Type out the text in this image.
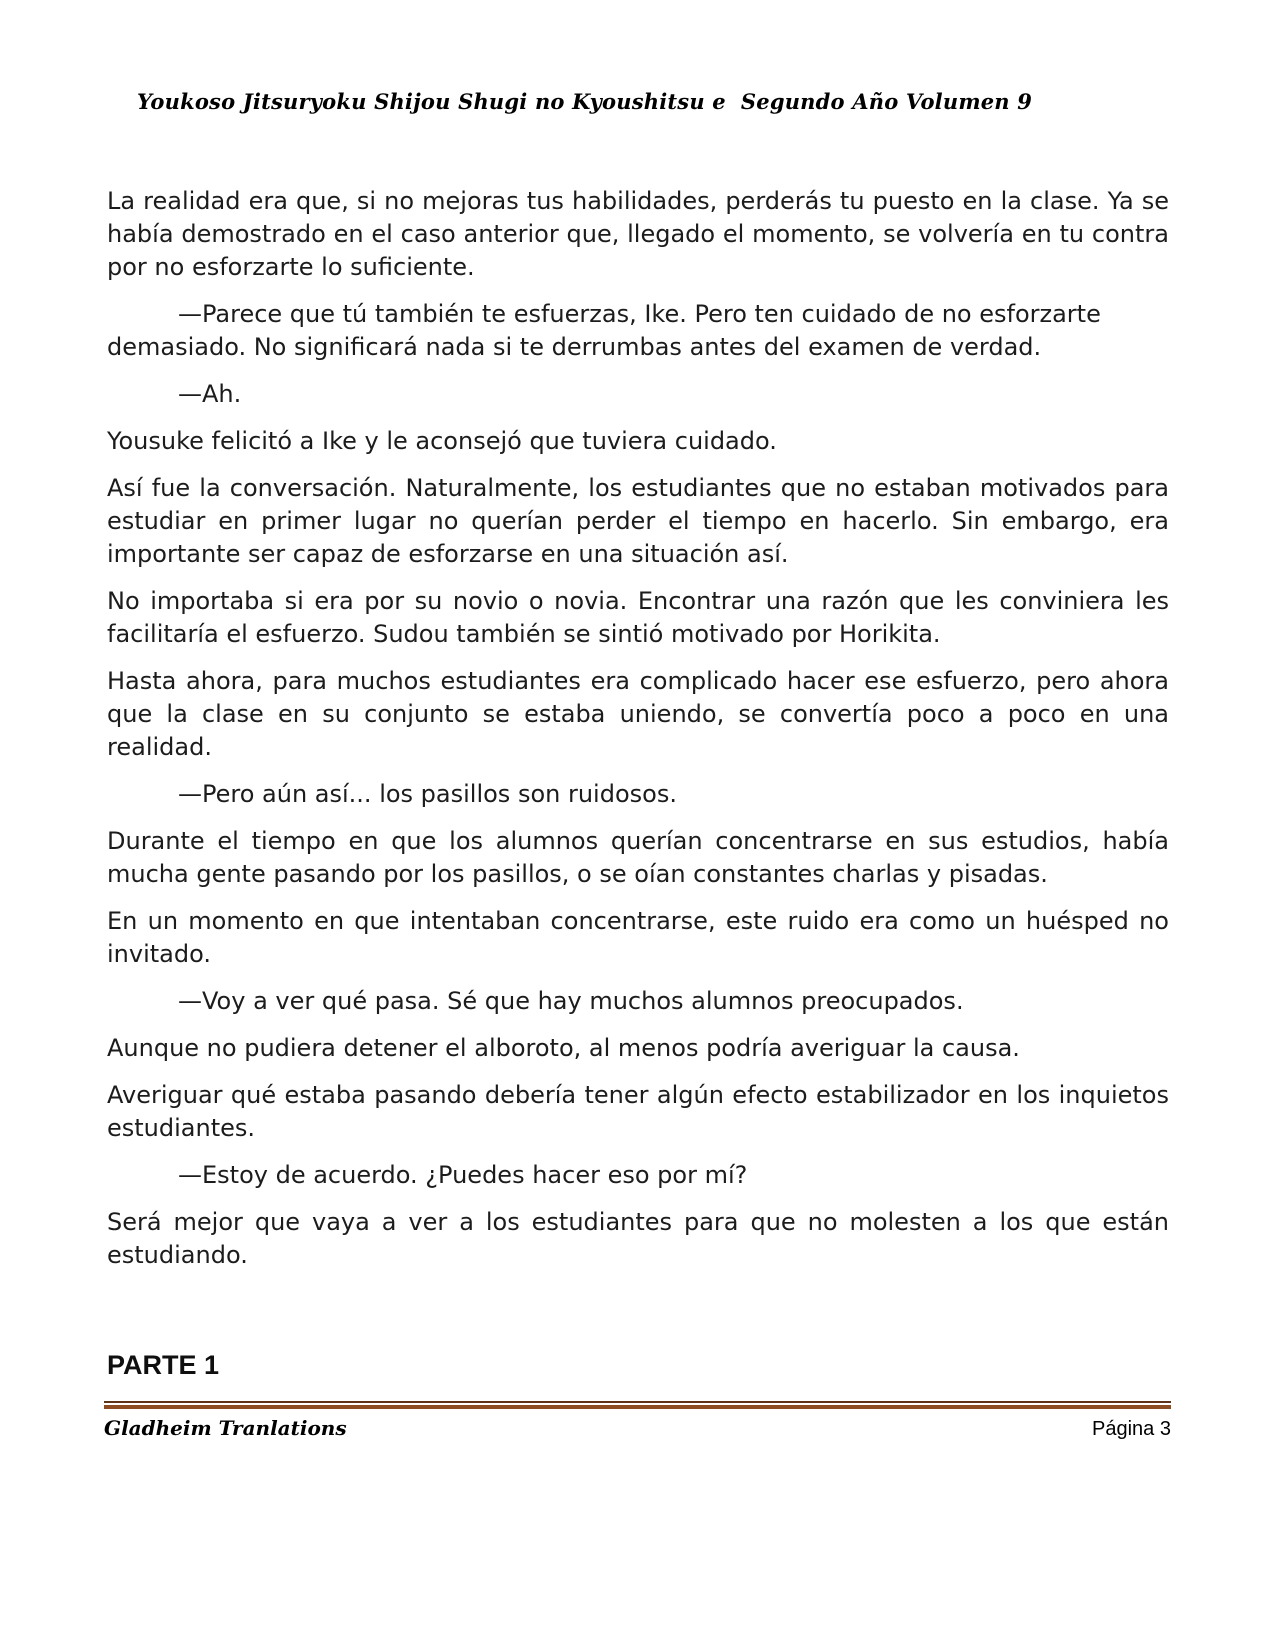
Youkoso Jitsuryoku Shijou Shugi no Kyoushitsu e  Segundo Año Volumen 9

La realidad era que, si no mejoras tus habilidades, perderás tu puesto en la clase. Ya se había demostrado en el caso anterior que, llegado el momento, se volvería en tu contra por no esforzarte lo suficiente.

—Parece que tú también te esfuerzas, Ike. Pero ten cuidado de no esforzarte demasiado. No significará nada si te derrumbas antes del examen de verdad.

—Ah.

Yousuke felicitó a Ike y le aconsejó que tuviera cuidado.

Así fue la conversación. Naturalmente, los estudiantes que no estaban motivados para estudiar en primer lugar no querían perder el tiempo en hacerlo. Sin embargo, era importante ser capaz de esforzarse en una situación así.

No importaba si era por su novio o novia. Encontrar una razón que les conviniera les facilitaría el esfuerzo. Sudou también se sintió motivado por Horikita.

Hasta ahora, para muchos estudiantes era complicado hacer ese esfuerzo, pero ahora que la clase en su conjunto se estaba uniendo, se convertía poco a poco en una realidad.

—Pero aún así... los pasillos son ruidosos.

Durante el tiempo en que los alumnos querían concentrarse en sus estudios, había mucha gente pasando por los pasillos, o se oían constantes charlas y pisadas.

En un momento en que intentaban concentrarse, este ruido era como un huésped no invitado.

—Voy a ver qué pasa. Sé que hay muchos alumnos preocupados.

Aunque no pudiera detener el alboroto, al menos podría averiguar la causa.

Averiguar qué estaba pasando debería tener algún efecto estabilizador en los inquietos estudiantes.

—Estoy de acuerdo. ¿Puedes hacer eso por mí?

Será mejor que vaya a ver a los estudiantes para que no molesten a los que están estudiando.

PARTE 1
Gladheim Tranlations	Página 3
